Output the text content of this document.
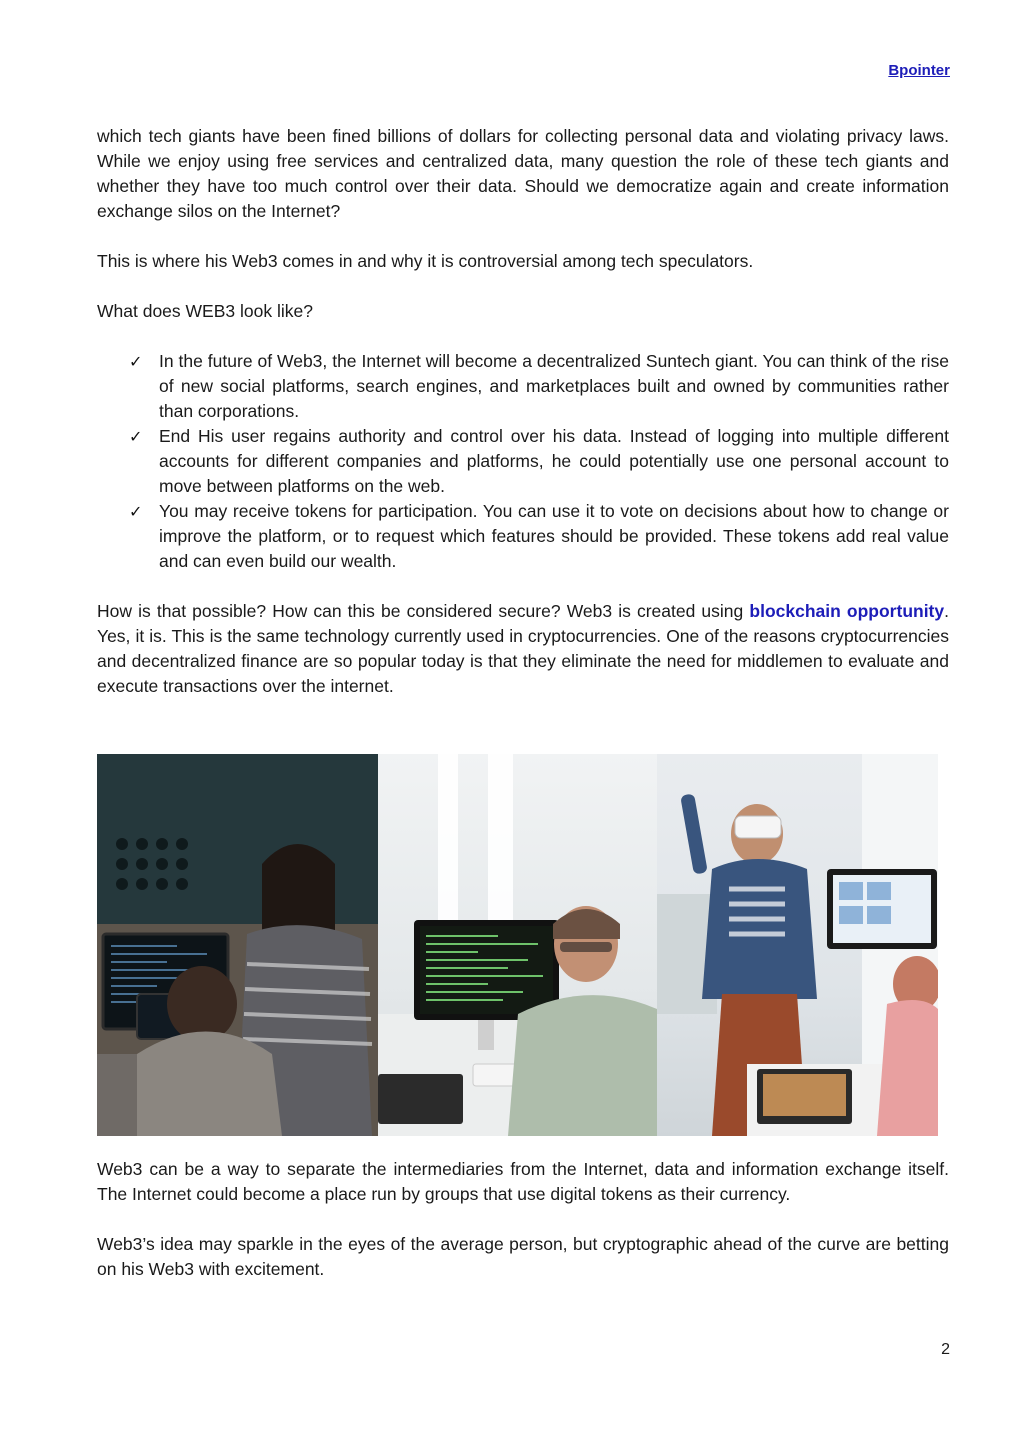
Bpointer

which tech giants have been fined billions of dollars for collecting personal data and violating privacy laws. While we enjoy using free services and centralized data, many question the role of these tech giants and whether they have too much control over their data. Should we democratize again and create information exchange silos on the Internet?

This is where his Web3 comes in and why it is controversial among tech speculators.

What does WEB3 look like?

✓ In the future of Web3, the Internet will become a decentralized Suntech giant. You can think of the rise of new social platforms, search engines, and marketplaces built and owned by communities rather than corporations.
✓ End His user regains authority and control over his data. Instead of logging into multiple different accounts for different companies and platforms, he could potentially use one personal account to move between platforms on the web.
✓ You may receive tokens for participation. You can use it to vote on decisions about how to change or improve the platform, or to request which features should be provided. These tokens add real value and can even build our wealth.

How is that possible? How can this be considered secure? Web3 is created using blockchain opportunity. Yes, it is. This is the same technology currently used in cryptocurrencies. One of the reasons cryptocurrencies and decentralized finance are so popular today is that they eliminate the need for middlemen to evaluate and execute transactions over the internet.

Web3 can be a way to separate the intermediaries from the Internet, data and information exchange itself. The Internet could become a place run by groups that use digital tokens as their currency.

Web3’s idea may sparkle in the eyes of the average person, but cryptographic ahead of the curve are betting on his Web3 with excitement.

2
